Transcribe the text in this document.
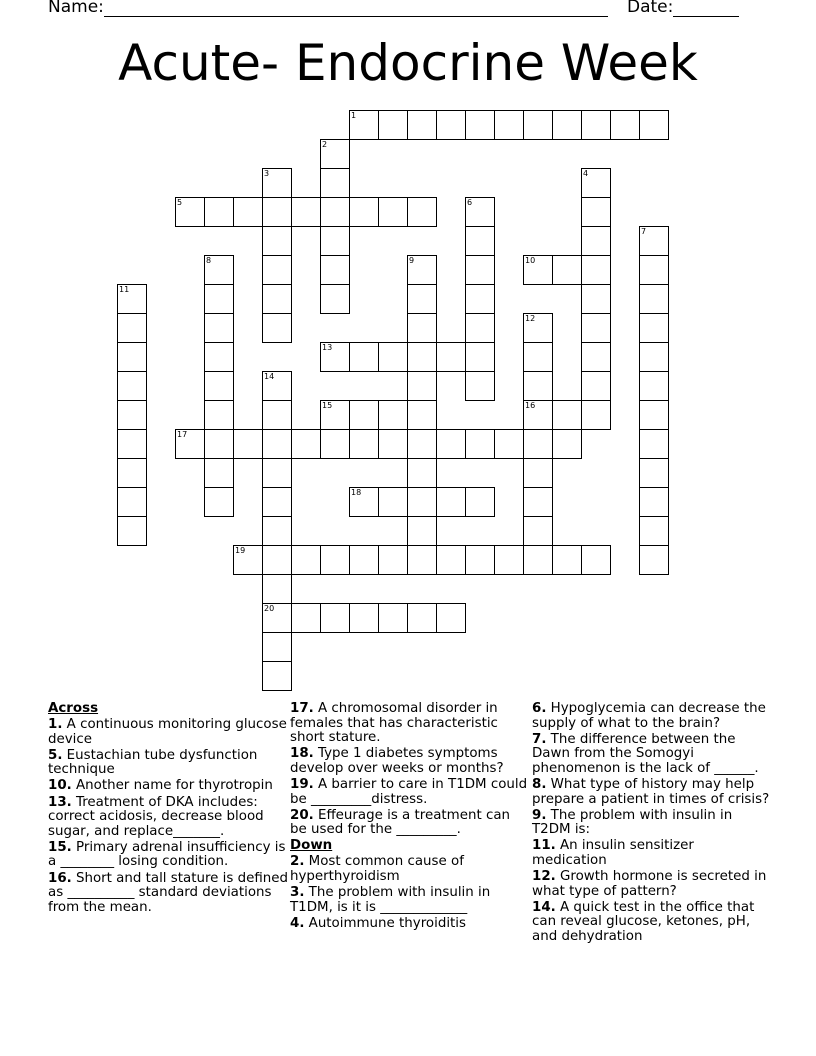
Name:	Date:
Acute- Endocrine Week
1
2
3	4
5	6
7
8	9	10
11
12
16
13
14
20
15
17
18
19
Across
1. A continuous monitoring glucose device
5. Eustachian tube dysfunction technique
10. Another name for thyrotropin
13. Treatment of DKA includes: correct acidosis, decrease blood sugar, and replace_______.
15. Primary adrenal insufficiency is a ________ losing condition.
16. Short and tall stature is defined as __________ standard deviations from the mean.
17. A chromosomal disorder in females that has characteristic short stature.
18. Type 1 diabetes symptoms develop over weeks or months?
19. A barrier to care in T1DM could be _________distress.
20. Effeurage is a treatment can be used for the _________.
Down
2. Most common cause of hyperthyroidism
3. The problem with insulin in T1DM, is it is _____________
4. Autoimmune thyroiditis
6. Hypoglycemia can decrease the supply of what to the brain?
7. The difference between the Dawn from the Somogyi phenomenon is the lack of ______.
8. What type of history may help prepare a patient in times of crisis?
9. The problem with insulin in T2DM is:
11. An insulin sensitizer medication
12. Growth hormone is secreted in what type of pattern?
14. A quick test in the office that can reveal glucose, ketones, pH, and dehydration
